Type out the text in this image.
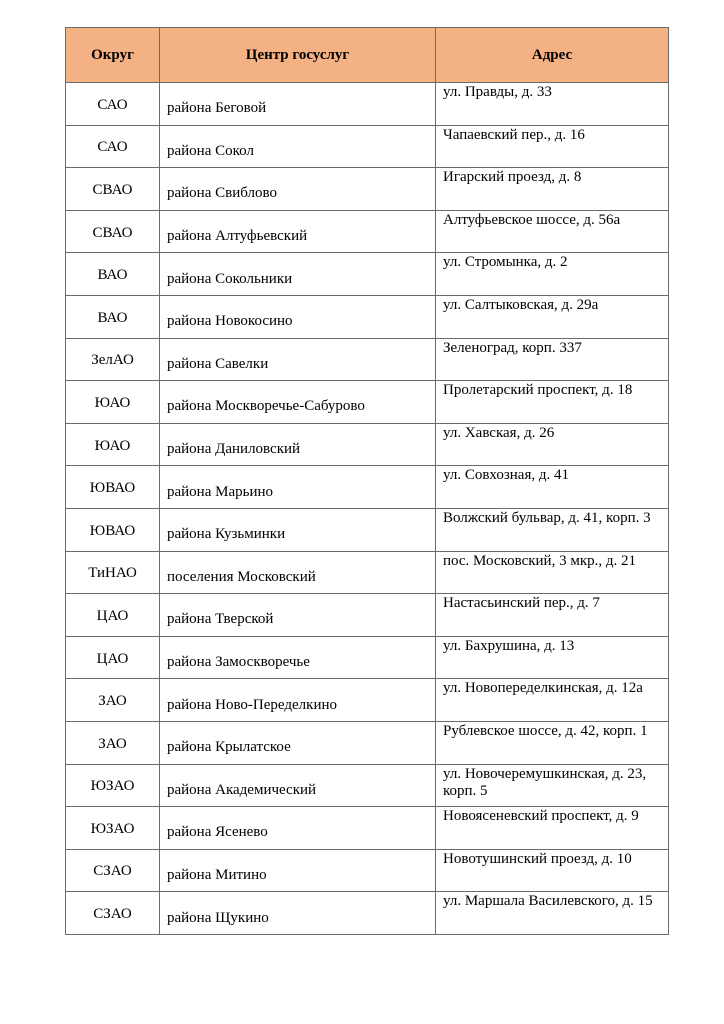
Округ	Центр госуслуг	Адрес

САО	района Беговой	ул. Правды, д. 33

САО	района Сокол	Чапаевский пер., д. 16

СВАО	района Свиблово	Игарский проезд, д. 8

СВАО	района Алтуфьевский	Алтуфьевское шоссе, д. 56а

ВАО	района Сокольники	ул. Стромынка, д. 2

ВАО	района Новокосино	ул. Салтыковская, д. 29а

ЗелАО	района Савелки	Зеленоград, корп. 337

ЮАО	района Москворечье-Сабурово	Пролетарский проспект, д. 18

ЮАО	района Даниловский	ул. Хавская, д. 26

ЮВАО	района Марьино	ул. Совхозная, д. 41

ЮВАО	района Кузьминки	Волжский бульвар, д. 41, корп. 3

ТиНАО	поселения Московский	пос. Московский, 3 мкр., д. 21

ЦАО	района Тверской	Настасьинский пер., д. 7

ЦАО	района Замоскворечье	ул. Бахрушина, д. 13

ЗАО	района Ново-Переделкино	ул. Новопеределкинская, д. 12а

ЗАО	района Крылатское	Рублевское шоссе, д. 42, корп. 1

ЮЗАО	района Академический	ул. Новочеремушкинская, д. 23, корп. 5

ЮЗАО	района Ясенево	Новоясеневский проспект, д. 9

СЗАО	района Митино	Новотушинский проезд, д. 10

СЗАО	района Щукино	ул. Маршала Василевского, д. 15
